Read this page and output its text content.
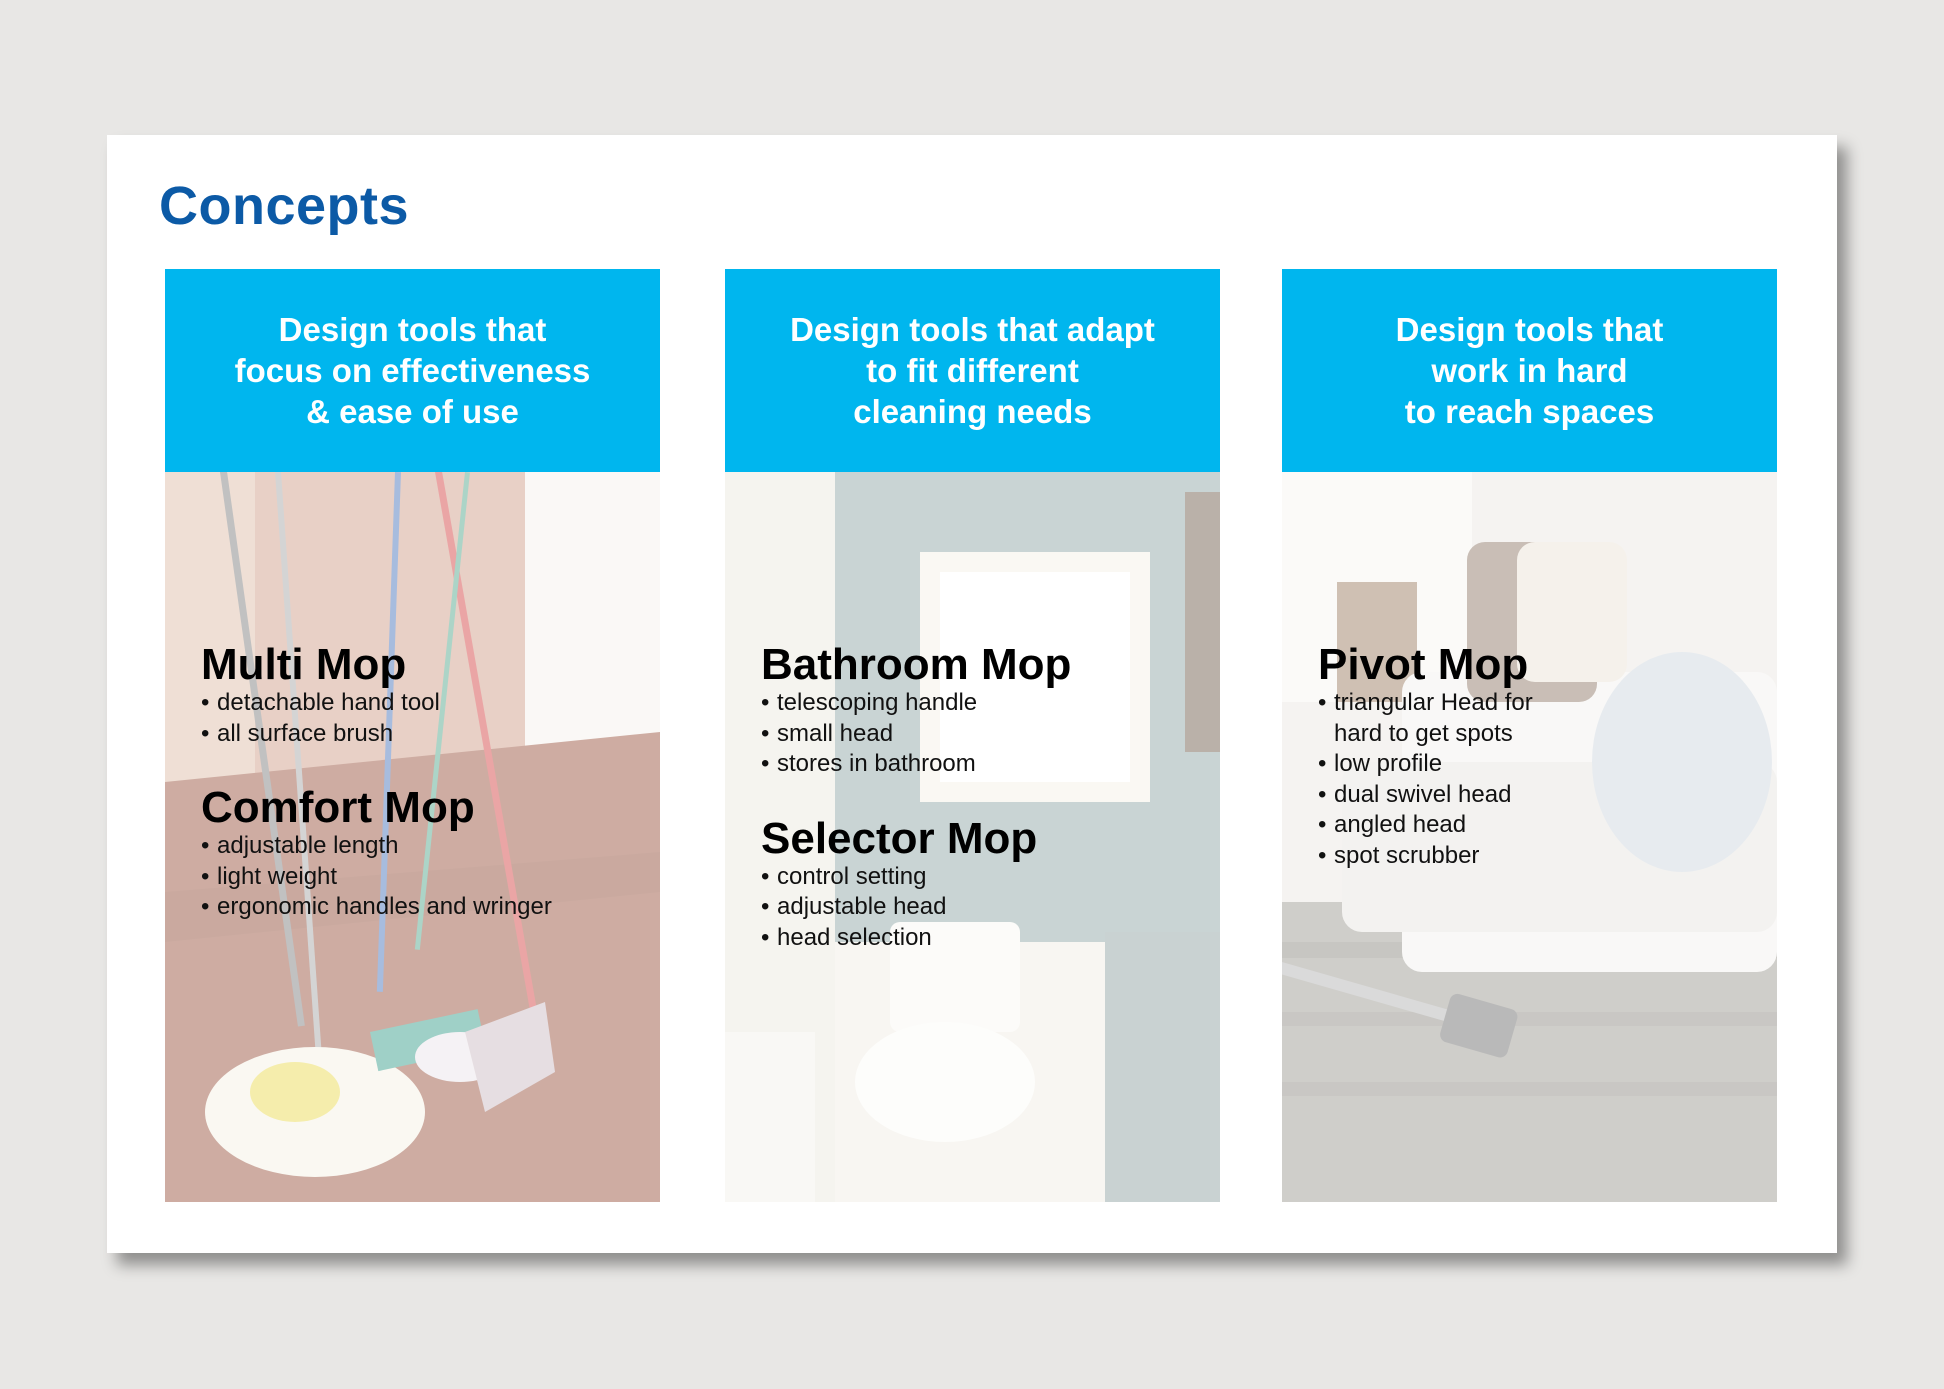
Concepts
Design tools that
focus on effectiveness
& ease of use
Multi Mop
• detachable hand tool
• all surface brush
Comfort Mop
• adjustable length
• light weight
• ergonomic handles and wringer
Design tools that adapt
to fit different
cleaning needs
Bathroom Mop
• telescoping handle
• small head
• stores in bathroom
Selector Mop
• control setting
• adjustable head
• head selection
Design tools that
work in hard
to reach spaces
Pivot Mop
• triangular Head for hard to get spots
• low profile
• dual swivel head
• angled head
• spot scrubber
